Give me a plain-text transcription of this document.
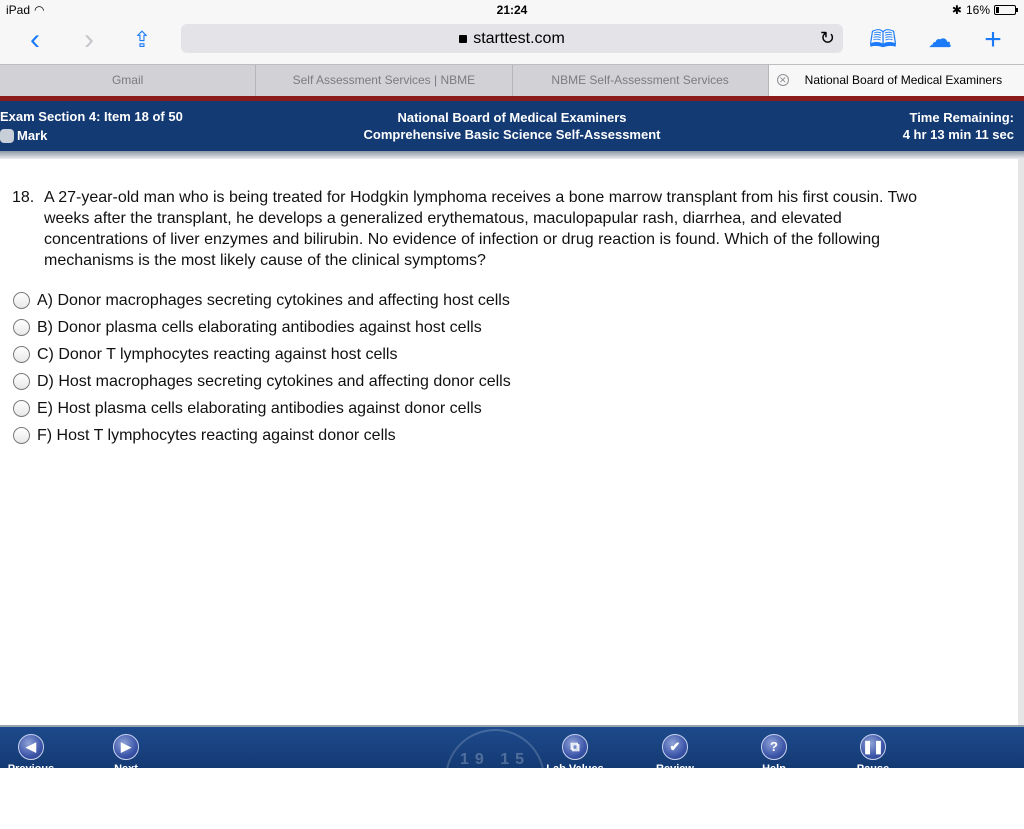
iPad ◠	21:24	✱ 16%
‹	›	⇪	starttest.com	↻ 🕮 ☁ +
Gmail	Self Assessment Services | NBME	NBME Self-Assessment Services	✕ National Board of Medical Examiners
Exam Section 4: Item 18 of 50
Mark
National Board of Medical Examiners
Comprehensive Basic Science Self-Assessment
Time Remaining:
4 hr 13 min 11 sec
18. A 27-year-old man who is being treated for Hodgkin lymphoma receives a bone marrow transplant from his first cousin. Two weeks after the transplant, he develops a generalized erythematous, maculopapular rash, diarrhea, and elevated concentrations of liver enzymes and bilirubin. No evidence of infection or drug reaction is found. Which of the following mechanisms is the most likely cause of the clinical symptoms?
A) Donor macrophages secreting cytokines and affecting host cells
B) Donor plasma cells elaborating antibodies against host cells
C) Donor T lymphocytes reacting against host cells
D) Host macrophages secreting cytokines and affecting donor cells
E) Host plasma cells elaborating antibodies against donor cells
F) Host T lymphocytes reacting against donor cells
19 15
◀
Previous
▶
Next
⧉
Lab Values
✔
Review
?
Help
❚❚
Pause
